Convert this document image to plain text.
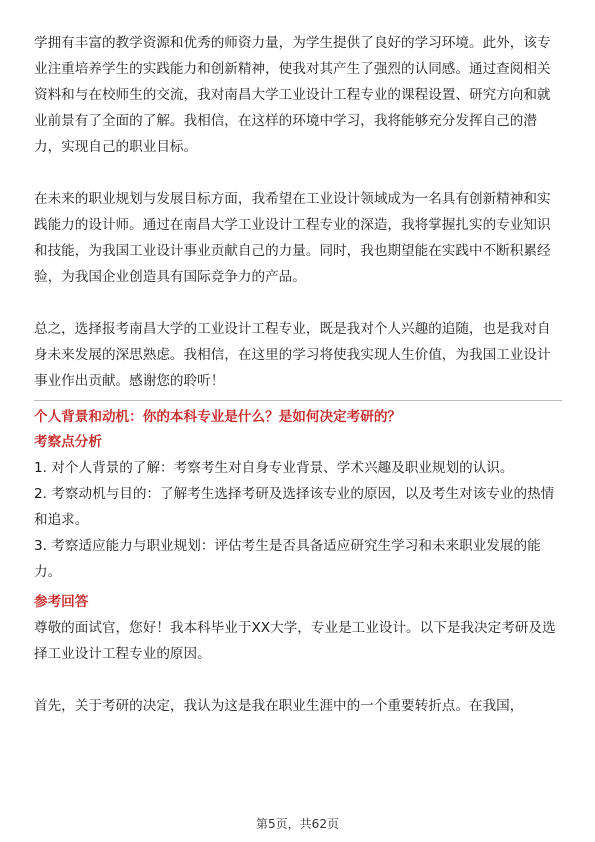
学拥有丰富的教学资源和优秀的师资力量，为学生提供了良好的学习环境。此外，该专业注重培养学生的实践能力和创新精神，使我对其产生了强烈的认同感。通过查阅相关资料和与在校师生的交流，我对南昌大学工业设计工程专业的课程设置、研究方向和就业前景有了全面的了解。我相信，在这样的环境中学习，我将能够充分发挥自己的潜力，实现自己的职业目标。

在未来的职业规划与发展目标方面，我希望在工业设计领域成为一名具有创新精神和实践能力的设计师。通过在南昌大学工业设计工程专业的深造，我将掌握扎实的专业知识和技能，为我国工业设计事业贡献自己的力量。同时，我也期望能在实践中不断积累经验，为我国企业创造具有国际竞争力的产品。

总之，选择报考南昌大学的工业设计工程专业，既是我对个人兴趣的追随，也是我对自身未来发展的深思熟虑。我相信，在这里的学习将使我实现人生价值，为我国工业设计事业作出贡献。感谢您的聆听！

个人背景和动机：你的本科专业是什么？是如何决定考研的？

考察点分析

1. 对个人背景的了解：考察考生对自身专业背景、学术兴趣及职业规划的认识。

2. 考察动机与目的：了解考生选择考研及选择该专业的原因，以及考生对该专业的热情和追求。

3. 考察适应能力与职业规划：评估考生是否具备适应研究生学习和未来职业发展的能力。

参考回答

尊敬的面试官，您好！我本科毕业于XX大学，专业是工业设计。以下是我决定考研及选择工业设计工程专业的原因。

首先，关于考研的决定，我认为这是我在职业生涯中的一个重要转折点。在我国，

第5页，共62页
